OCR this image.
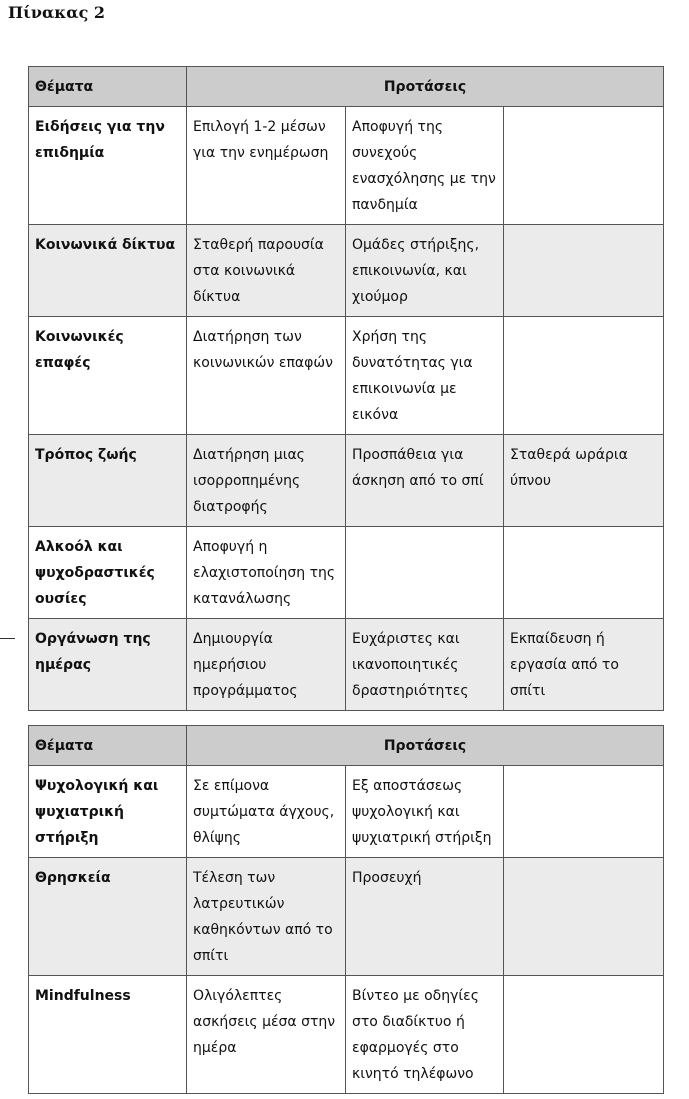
Πίνακας 2
Θέματα	Προτάσεις		
Ειδήσεις για την επιδημία	Επιλογή 1-2 μέσων για την ενημέρωση	Αποφυγή της συνεχούς ενασχόλησης με την πανδημία	
Κοινωνικά δίκτυα	Σταθερή παρουσία στα κοινωνικά δίκτυα	Ομάδες στήριξης, επικοινωνία, και χιούμορ	
Κοινωνικές επαφές	Διατήρηση των κοινωνικών επαφών	Χρήση της δυνατότητας για επικοινωνία με εικόνα	
Τρόπος ζωής	Διατήρηση μιας ισορροπημένης διατροφής	Προσπάθεια για άσκηση από το σπί	Σταθερά ωράρια ύπνου
Αλκοόλ και ψυχοδραστικές ουσίες	Αποφυγή η ελαχιστοποίηση της κατανάλωσης		
Οργάνωση της ημέρας	Δημιουργία ημερήσιου προγράμματος	Ευχάριστες και ικανοποιητικές δραστηριότητες	Εκπαίδευση ή εργασία από το σπίτι
Θέματα	Προτάσεις		
Ψυχολογική και ψυχιατρική στήριξη	Σε επίμονα συμτώματα άγχους, θλίψης	Εξ αποστάσεως ψυχολογική και ψυχιατρική στήριξη	
Θρησκεία	Τέλεση των λατρευτικών καθηκόντων από το σπίτι	Προσευχή	
Mindfulness	Ολιγόλεπτες ασκήσεις μέσα στην ημέρα	Βίντεο με οδηγίες στο διαδίκτυο ή εφαρμογές στο κινητό τηλέφωνο	
